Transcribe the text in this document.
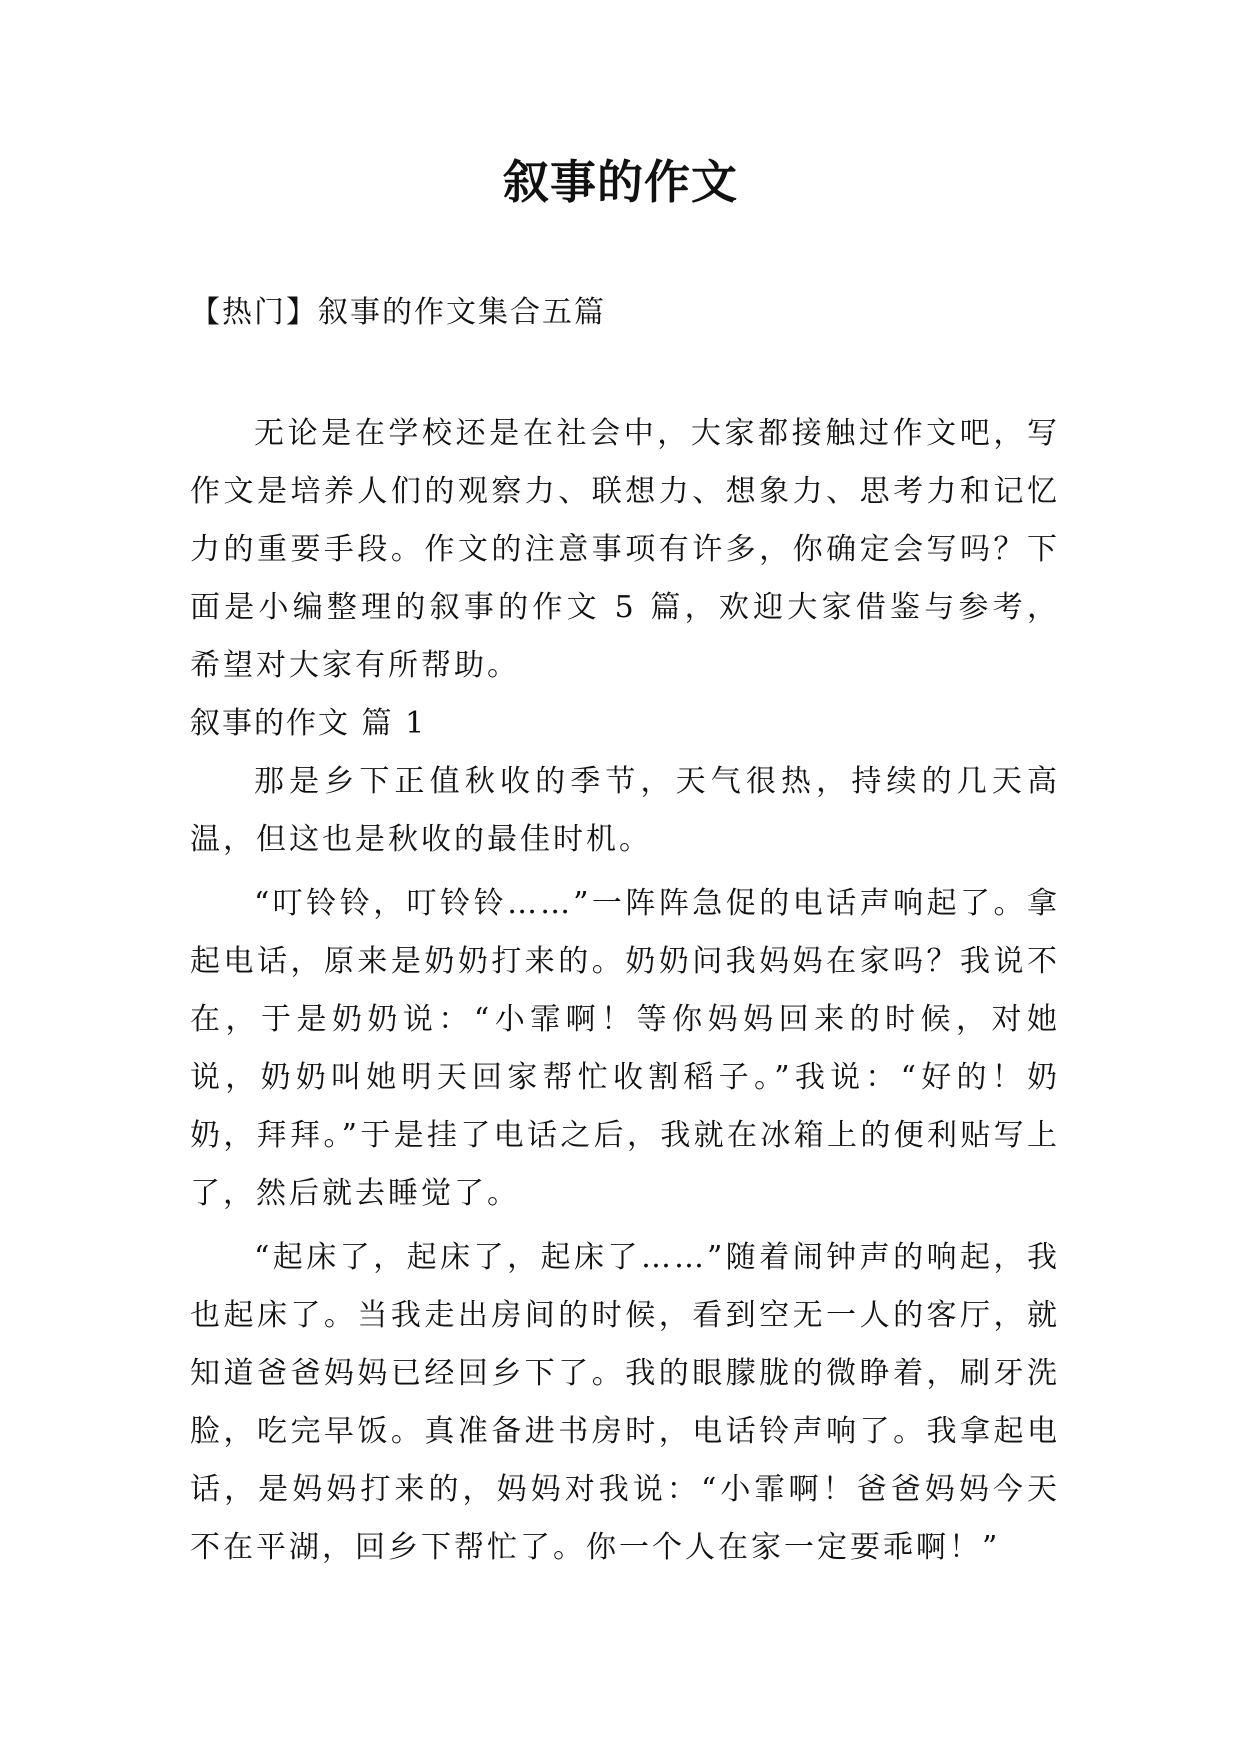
叙事的作文
【热门】叙事的作文集合五篇

无论是在学校还是在社会中，大家都接触过作文吧，写作文是培养人们的观察力、联想力、想象力、思考力和记忆力的重要手段。作文的注意事项有许多，你确定会写吗？下面是小编整理的叙事的作文 5 篇，欢迎大家借鉴与参考，希望对大家有所帮助。

叙事的作文 篇 1

那是乡下正值秋收的季节，天气很热，持续的几天高温，但这也是秋收的最佳时机。

“叮铃铃，叮铃铃……”一阵阵急促的电话声响起了。拿起电话，原来是奶奶打来的。奶奶问我妈妈在家吗？我说不在，于是奶奶说：“小霏啊！等你妈妈回来的时候，对她说，奶奶叫她明天回家帮忙收割稻子。”我说：“好的！奶奶，拜拜。”于是挂了电话之后，我就在冰箱上的便利贴写上了，然后就去睡觉了。

“起床了，起床了，起床了……”随着闹钟声的响起，我也起床了。当我走出房间的时候，看到空无一人的客厅，就知道爸爸妈妈已经回乡下了。我的眼朦胧的微睁着，刷牙洗脸，吃完早饭。真准备进书房时，电话铃声响了。我拿起电话，是妈妈打来的，妈妈对我说：“小霏啊！爸爸妈妈今天不在平湖，回乡下帮忙了。你一个人在家一定要乖啊！”
